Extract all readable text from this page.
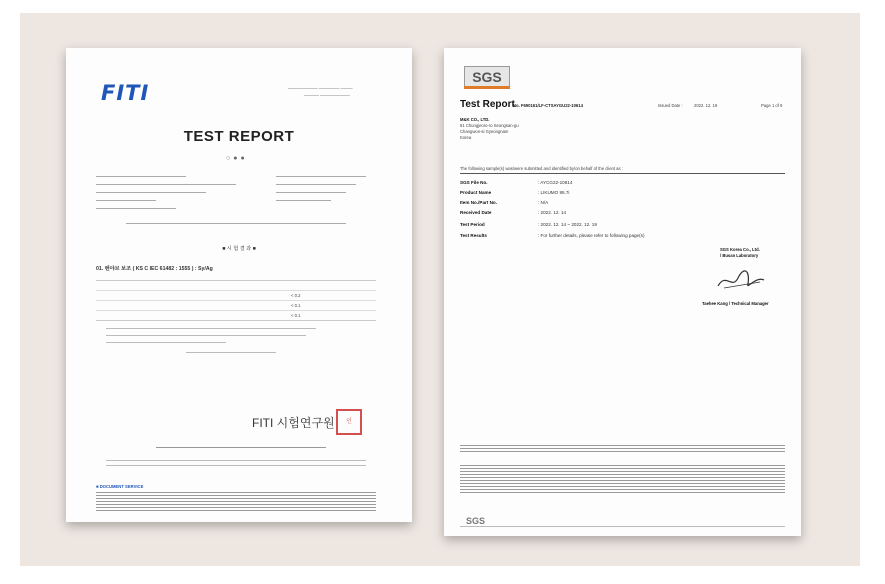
FITI	────────── ─────── ────
───── ──────────
TEST REPORT
○●●
■ 시 험 결 과 ■
01. 벤야브 보조 ( KS C IEC 61482 : 1555 ) : Sy/Ag
< 0.2
< 0.1
< 0.1
FITI 시험연구원	인
■ DOCUMENT SERVICE
SGS
Test Report
No. F690161/LF-CTSAYGU22-10614	Issued Date :	2022. 12. 19	Page 1 of 6
M&K CO., LTD.
91 Chungjeoro-ro Seongsan-gu
Changwon-si Gyeongnam
Korea
The following sample(s) was/were submitted and identified by/on behalf of the client as :
SGS File No.	: AYCG22-10614
Product Name	: LIKUMO 95.7i
Item No./Part No.	: N/A
Received Date	: 2022. 12. 14
Test Period	: 2022. 12. 14 ~ 2022. 12. 19
Test Results	: For further details, please refer to following page(s)
SGS Korea Co., Ltd.
/ Busan Laboratory
Taehee Kang / Technical Manager
SGS
